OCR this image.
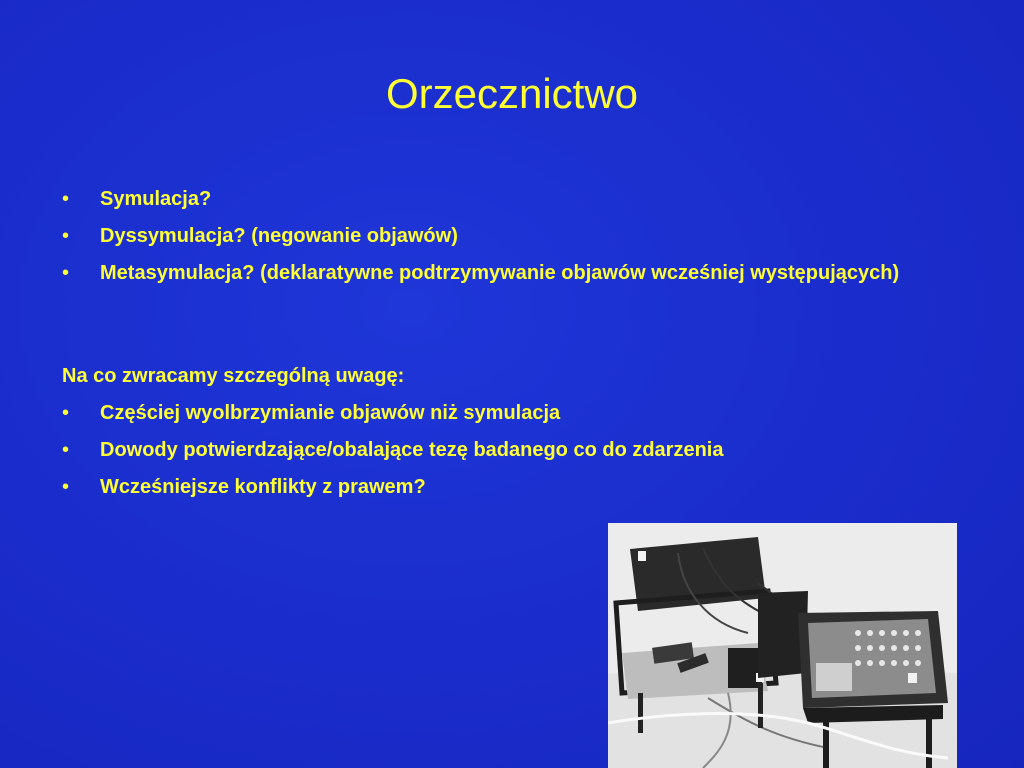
Orzecznictwo
• Symulacja?
• Dyssymulacja? (negowanie objawów)
• Metasymulacja? (deklaratywne podtrzymywanie objawów wcześniej występujących)

Na co zwracamy szczególną uwagę:

• Częściej wyolbrzymianie objawów niż symulacja
• Dowody potwierdzające/obalające tezę badanego co do zdarzenia
• Wcześniejsze konflikty z prawem?
